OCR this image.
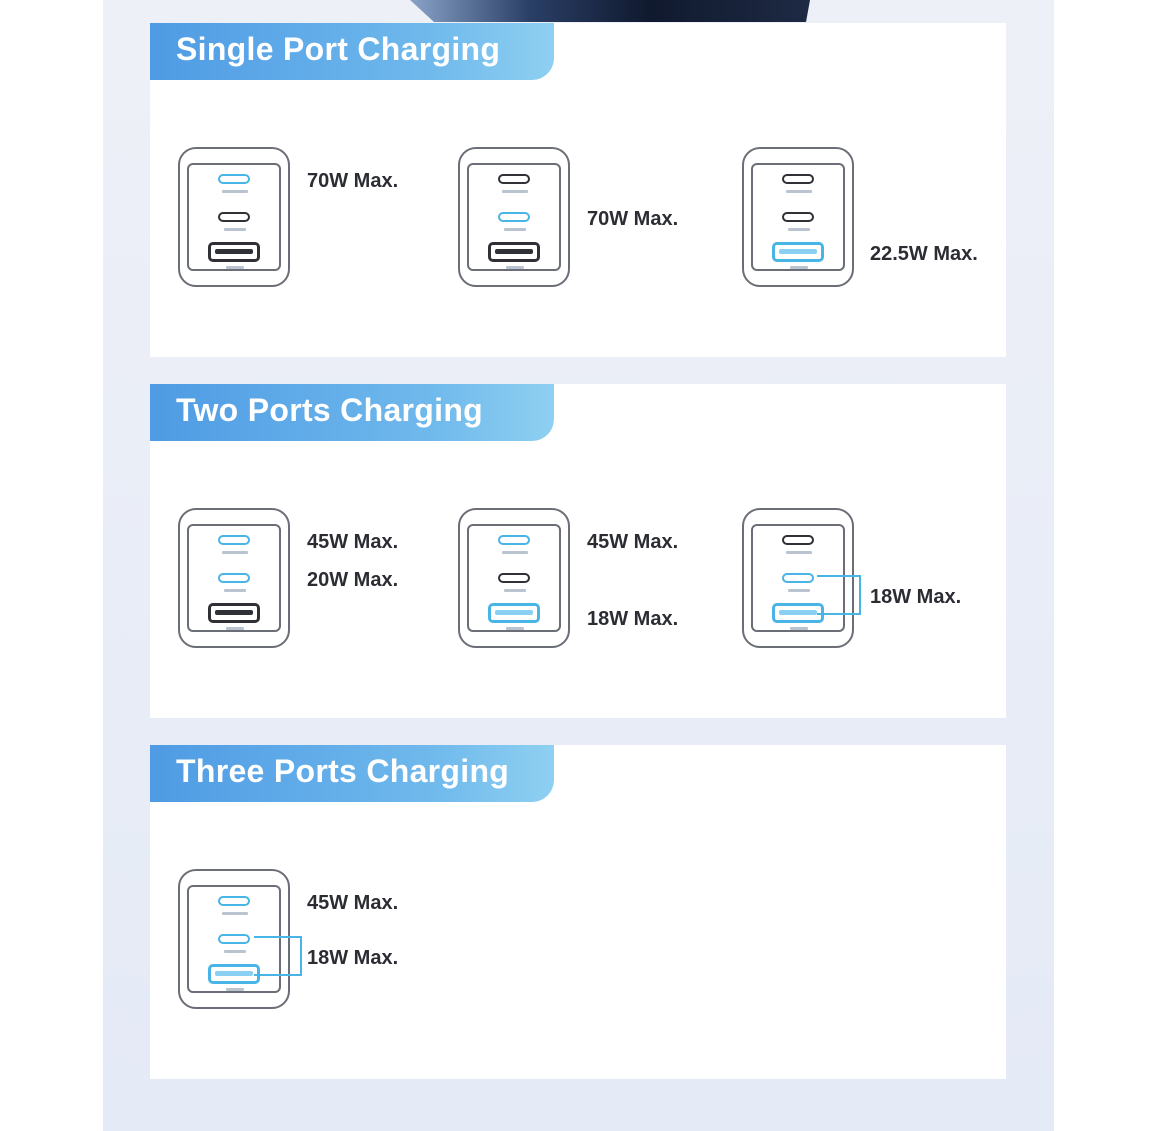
Single Port Charging
70W Max.
70W Max.
22.5W Max.
Two Ports Charging
45W Max.
20W Max.
45W Max.
18W Max.
18W Max.
Three Ports Charging
45W Max.
18W Max.
